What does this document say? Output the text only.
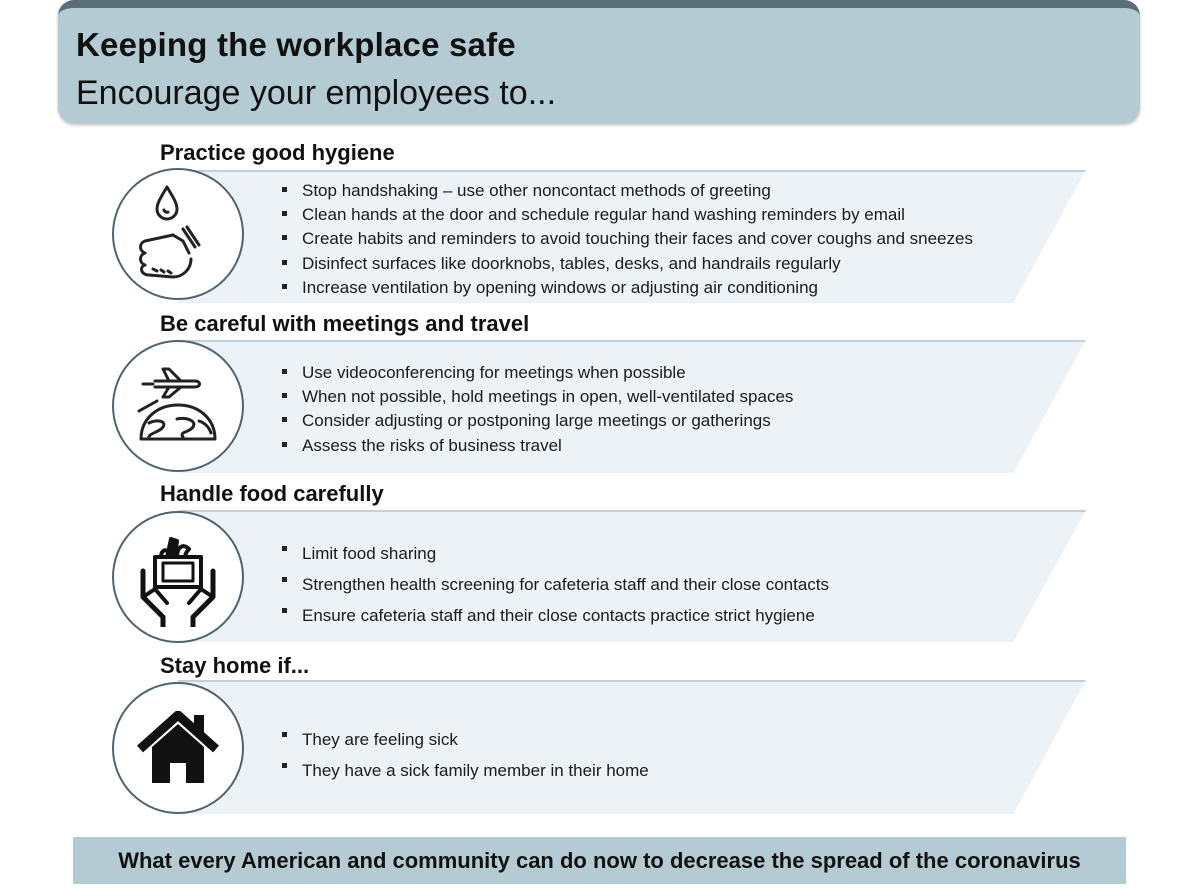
Keeping the workplace safe
Encourage your employees to...
Practice good hygiene
Stop handshaking – use other noncontact methods of greeting
Clean hands at the door and schedule regular hand washing reminders by email
Create habits and reminders to avoid touching their faces and cover coughs and sneezes
Disinfect surfaces like doorknobs, tables, desks, and handrails regularly
Increase ventilation by opening windows or adjusting air conditioning
Be careful with meetings and travel
Use videoconferencing for meetings when possible
When not possible, hold meetings in open, well-ventilated spaces
Consider adjusting or postponing large meetings or gatherings
Assess the risks of business travel
Handle food carefully
Limit food sharing
Strengthen health screening for cafeteria staff and their close contacts
Ensure cafeteria staff and their close contacts practice strict hygiene
Stay home if...
They are feeling sick
They have a sick family member in their home
What every American and community can do now to decrease the spread of the coronavirus
